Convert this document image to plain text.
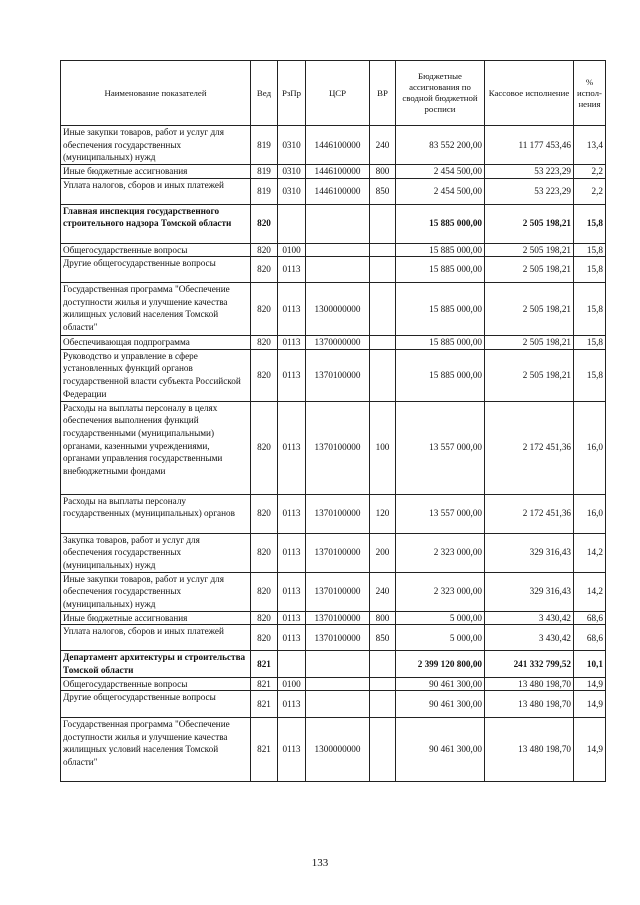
Наименование показателей	Вед	РзПр	ЦСР	ВР	Бюджетные ассигнования по сводной бюджетной росписи	Кассовое исполнение	% испол-нения
Иные закупки товаров, работ и услуг для обеспечения государственных (муниципальных) нужд	819	0310	1446100000	240	83 552 200,00	11 177 453,46	13,4
Иные бюджетные ассигнования	819	0310	1446100000	800	2 454 500,00	53 223,29	2,2
Уплата налогов, сборов и иных платежей	819	0310	1446100000	850	2 454 500,00	53 223,29	2,2
Главная инспекция государственного строительного надзора Томской области	820				15 885 000,00	2 505 198,21	15,8
Общегосударственные вопросы	820	0100			15 885 000,00	2 505 198,21	15,8
Другие общегосударственные вопросы	820	0113			15 885 000,00	2 505 198,21	15,8
Государственная программа "Обеспечение доступности жилья и улучшение качества жилищных условий населения Томской области"	820	0113	1300000000		15 885 000,00	2 505 198,21	15,8
Обеспечивающая подпрограмма	820	0113	1370000000		15 885 000,00	2 505 198,21	15,8
Руководство и управление в сфере установленных функций органов государственной власти субъекта Российской Федерации	820	0113	1370100000		15 885 000,00	2 505 198,21	15,8
Расходы на выплаты персоналу в целях обеспечения выполнения функций государственными (муниципальными) органами, казенными учреждениями, органами управления государственными внебюджетными фондами	820	0113	1370100000	100	13 557 000,00	2 172 451,36	16,0
Расходы на выплаты персоналу государственных (муниципальных) органов	820	0113	1370100000	120	13 557 000,00	2 172 451,36	16,0
Закупка товаров, работ и услуг для обеспечения государственных (муниципальных) нужд	820	0113	1370100000	200	2 323 000,00	329 316,43	14,2
Иные закупки товаров, работ и услуг для обеспечения государственных (муниципальных) нужд	820	0113	1370100000	240	2 323 000,00	329 316,43	14,2
Иные бюджетные ассигнования	820	0113	1370100000	800	5 000,00	3 430,42	68,6
Уплата налогов, сборов и иных платежей	820	0113	1370100000	850	5 000,00	3 430,42	68,6
Департамент архитектуры и строительства Томской области	821				2 399 120 800,00	241 332 799,52	10,1
Общегосударственные вопросы	821	0100			90 461 300,00	13 480 198,70	14,9
Другие общегосударственные вопросы	821	0113			90 461 300,00	13 480 198,70	14,9
Государственная программа "Обеспечение доступности жилья и улучшение качества жилищных условий населения Томской области"	821	0113	1300000000		90 461 300,00	13 480 198,70	14,9
133
